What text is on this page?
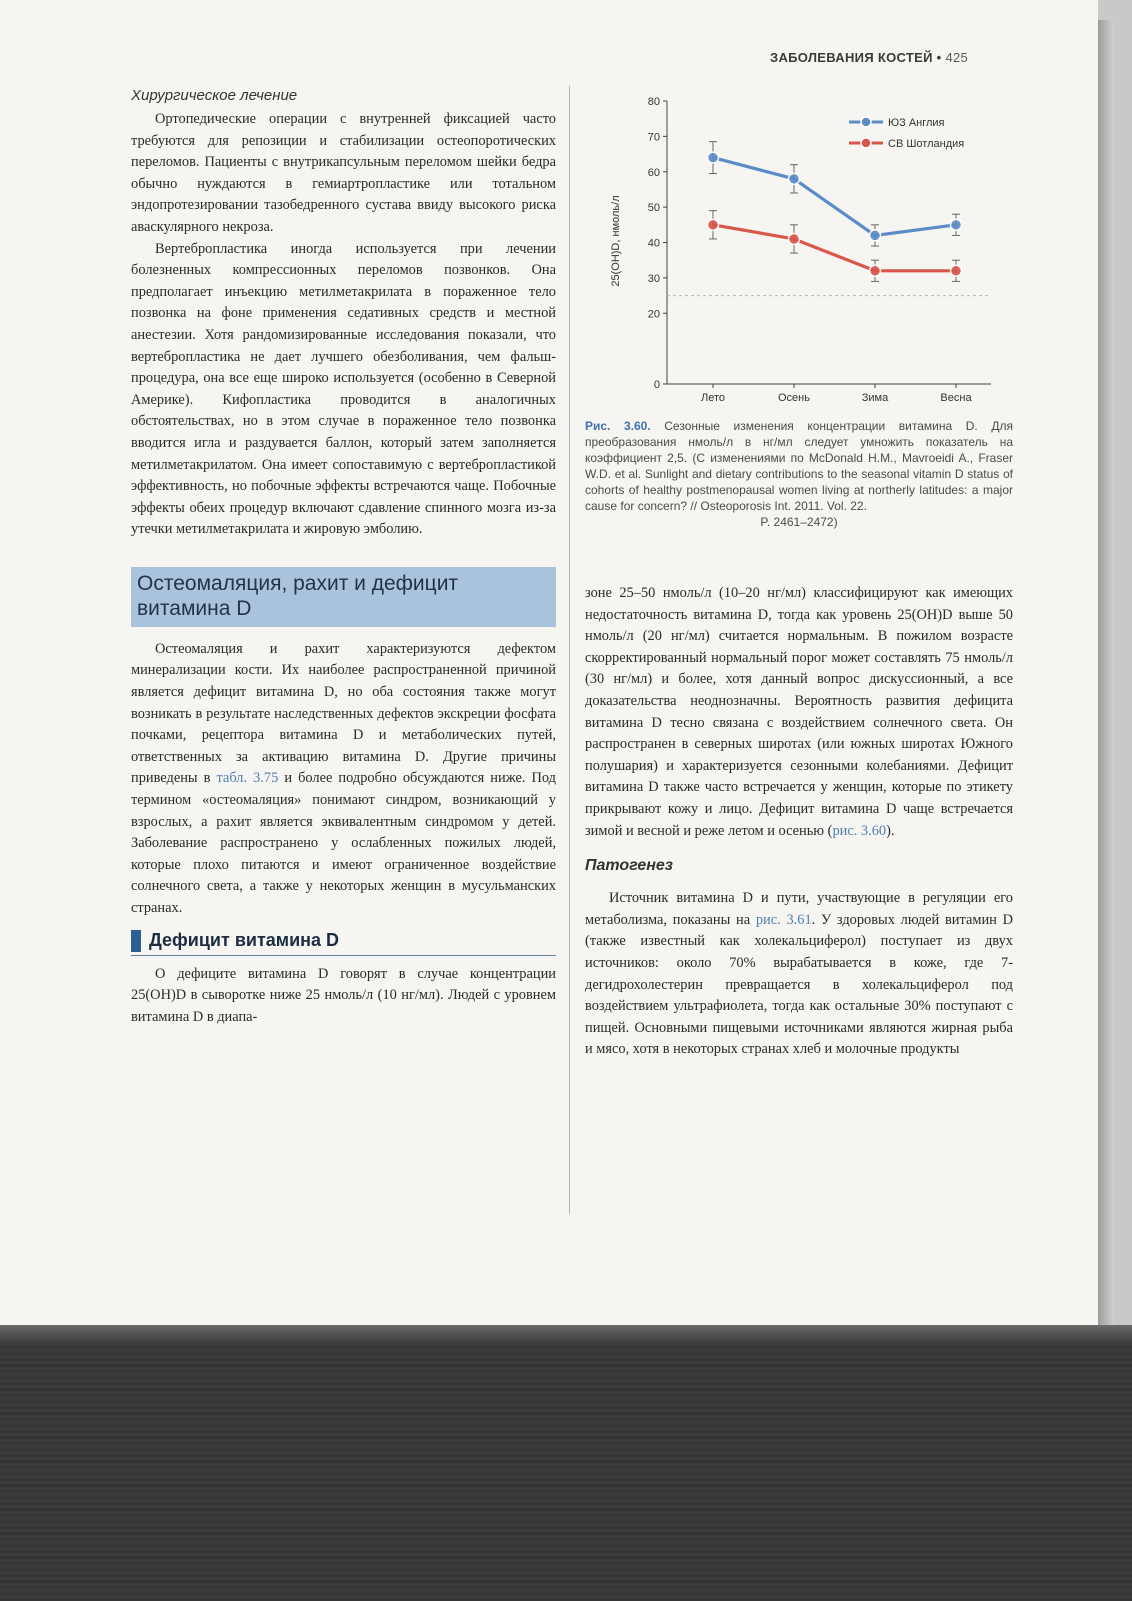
ЗАБОЛЕВАНИЯ КОСТЕЙ • 425
Хирургическое лечение

Ортопедические операции с внутренней фиксацией часто требуются для репозиции и стабилизации остеопоротических переломов. Пациенты с внутрикапсульным переломом шейки бедра обычно нуждаются в гемиартропластике или тотальном эндопротезировании тазобедренного сустава ввиду высокого риска аваскулярного некроза.

Вертебропластика иногда используется при лечении болезненных компрессионных переломов позвонков. Она предполагает инъекцию метилметакрилата в пораженное тело позвонка на фоне применения седативных средств и местной анестезии. Хотя рандомизированные исследования показали, что вертебропластика не дает лучшего обезболивания, чем фальш-процедура, она все еще широко используется (особенно в Северной Америке). Кифопластика проводится в аналогичных обстоятельствах, но в этом случае в пораженное тело позвонка вводится игла и раздувается баллон, который затем заполняется метилметакрилатом. Она имеет сопоставимую с вертебропластикой эффективность, но побочные эффекты встречаются чаще. Побочные эффекты обеих процедур включают сдавление спинного мозга из-за утечки метилметакрилата и жировую эмболию.

Остеомаляция, рахит и дефицит
витамина D

Остеомаляция и рахит характеризуются дефектом минерализации кости. Их наиболее распространенной причиной является дефицит витамина D, но оба состояния также могут возникать в результате наследственных дефектов экскреции фосфата почками, рецептора витамина D и метаболических путей, ответственных за активацию витамина D. Другие причины приведены в табл. 3.75 и более подробно обсуждаются ниже. Под термином «остеомаляция» понимают синдром, возникающий у взрослых, а рахит является эквивалентным синдромом у детей. Заболевание распространено у ослабленных пожилых людей, которые плохо питаются и имеют ограниченное воздействие солнечного света, а также у некоторых женщин в мусульманских странах.

Дефицит витамина D

О дефиците витамина D говорят в случае концентрации 25(OH)D в сыворотке ниже 25 нмоль/л (10 нг/мл). Людей с уровнем витамина D в диапа-

25(OH)D, нмоль/л
0
20
30
40
50
60
70
80
Лето	Осень	Зима	Весна
ЮЗ Англия
СВ Шотландия
Рис. 3.60. Сезонные изменения концентрации витамина D. Для преобразования нмоль/л в нг/мл следует умножить показатель на коэффициент 2,5. (С изменениями по McDonald H.M., Mavroeidi A., Fraser W.D. et al. Sunlight and dietary contributions to the seasonal vitamin D status of cohorts of healthy postmenopausal women living at northerly latitudes: a major cause for concern? // Osteoporosis Int. 2011. Vol. 22.
P. 2461–2472)

зоне 25–50 нмоль/л (10–20 нг/мл) классифицируют как имеющих недостаточность витамина D, тогда как уровень 25(OH)D выше 50 нмоль/л (20 нг/мл) считается нормальным. В пожилом возрасте скорректированный нормальный порог может составлять 75 нмоль/л (30 нг/мл) и более, хотя данный вопрос дискуссионный, а все доказательства неоднозначны. Вероятность развития дефицита витамина D тесно связана с воздействием солнечного света. Он распространен в северных широтах (или южных широтах Южного полушария) и характеризуется сезонными колебаниями. Дефицит витамина D также часто встречается у женщин, которые по этикету прикрывают кожу и лицо. Дефицит витамина D чаще встречается зимой и весной и реже летом и осенью (рис. 3.60).

Патогенез

Источник витамина D и пути, участвующие в регуляции его метаболизма, показаны на рис. 3.61. У здоровых людей витамин D (также известный как холекальциферол) поступает из двух источников: около 70% вырабатывается в коже, где 7-дегидрохолестерин превращается в холекальциферол под воздействием ультрафиолета, тогда как остальные 30% поступают с пищей. Основными пищевыми источниками являются жирная рыба и мясо, хотя в некоторых странах хлеб и молочные продукты
